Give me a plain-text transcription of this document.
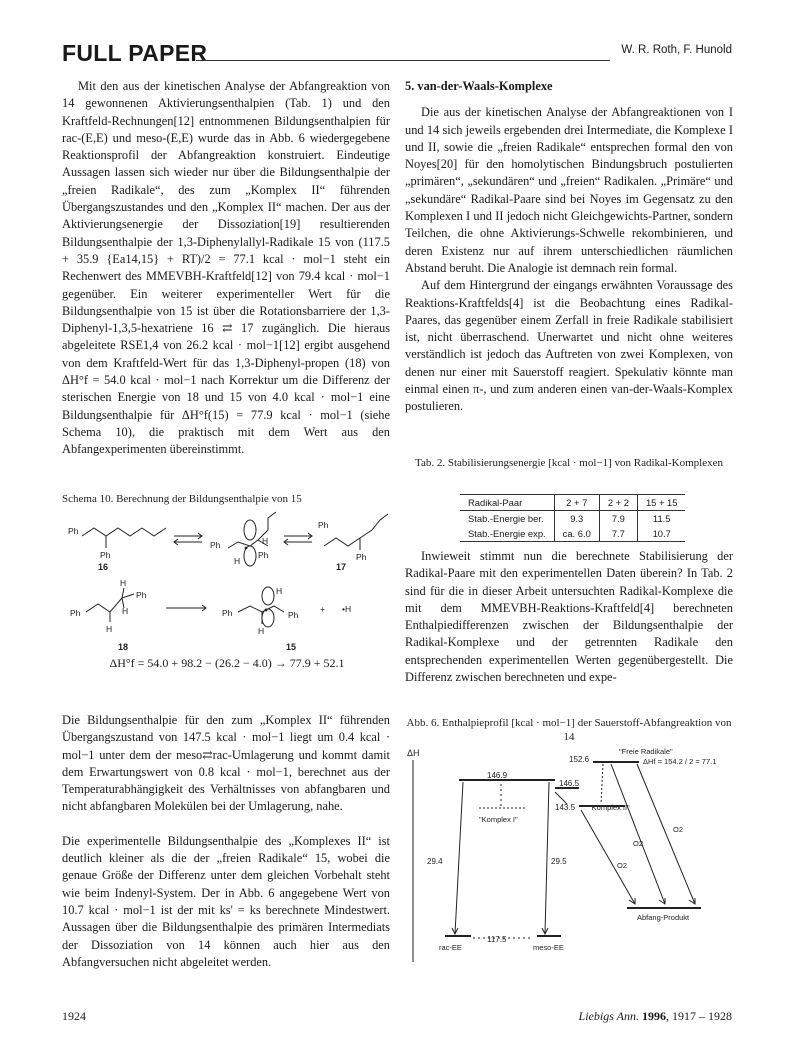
FULL PAPER	W. R. Roth, F. Hunold

Mit den aus der kinetischen Analyse der Abfangreaktion von 14 gewonnenen Aktivierungsenthalpien (Tab. 1) und den Kraftfeld-Rechnungen[12] entnommenen Bildungsenthalpien für rac-(E,E) und meso-(E,E) wurde das in Abb. 6 wiedergegebene Reaktionsprofil der Abfangreaktion konstruiert. Eindeutige Aussagen lassen sich wieder nur über die Bildungsenthalpie der „freien Radikale“, des zum „Komplex II“ führenden Übergangszustandes und den „Komplex II“ machen. Der aus der Aktivierungsenergie der Dissoziation[19] resultierenden Bildungsenthalpie der 1,3-Diphenylallyl-Radikale 15 von (117.5 + 35.9 {Ea14,15} + RT)/2 = 77.1 kcal · mol−1 steht ein Rechenwert des MMEVBH-Kraftfeld[12] von 79.4 kcal · mol−1 gegenüber. Ein weiterer experimenteller Wert für die Bildungsenthalpie von 15 ist über die Rotationsbarriere der 1,3-Diphenyl-1,3,5-hexatriene 16 ⇄ 17 zugänglich. Die hieraus abgeleitete RSE1,4 von 26.2 kcal · mol−1[12] ergibt ausgehend von dem Kraftfeld-Wert für das 1,3-Diphenyl-propen (18) von ΔH°f = 54.0 kcal · mol−1 nach Korrektur um die Differenz der sterischen Energie von 18 und 15 von 4.0 kcal · mol−1 eine Bildungsenthalpie für ΔH°f(15) = 77.9 kcal · mol−1 (siehe Schema 10), die praktisch mit dem Wert aus den Abfangexperimenten übereinstimmt.

Schema 10. Berechnung der Bildungsenthalpie von 15
Ph
Ph
16
Ph
H
Ph
H
Ph
Ph
17
Ph
H
Ph
H
H
18
Ph
H
Ph
H
15
+ •H
ΔH°f = 54.0 + 98.2 − (26.2 − 4.0) → 77.9 + 52.1

Die Bildungsenthalpie für den zum „Komplex II“ führenden Übergangszustand von 147.5 kcal · mol−1 liegt um 0.4 kcal · mol−1 unter dem der meso⇄rac-Umlagerung und kommt damit dem Erwartungswert von 0.8 kcal · mol−1, berechnet aus der Temperaturabhängigkeit des Verhältnisses von abfangbaren und nicht abfangbaren Molekülen bei der Umlagerung, nahe.

Die experimentelle Bildungsenthalpie des „Komplexes II“ ist deutlich kleiner als die der „freien Radikale“ 15, wobei die genaue Größe der Differenz unter dem gleichen Vorbehalt steht wie beim Indenyl-System. Der in Abb. 6 angegebene Wert von 10.7 kcal · mol−1 ist der mit ks' = ks berechnete Mindestwert. Aussagen über die Bildungsenthalpie des primären Intermediats der Dissoziation von 14 können auch hier aus den Abfangversuchen nicht abgeleitet werden.

5. van-der-Waals-Komplexe

Die aus der kinetischen Analyse der Abfangreaktionen von I und 14 sich jeweils ergebenden drei Intermediate, die Komplexe I und II, sowie die „freien Radikale“ entsprechen formal den von Noyes[20] für den homolytischen Bindungsbruch postulierten „primären“, „sekundären“ und „freien“ Radikalen. „Primäre“ und „sekundäre“ Radikal-Paare sind bei Noyes im Gegensatz zu den Komplexen I und II jedoch nicht Gleichgewichts-Partner, sondern Teilchen, die ohne Aktivierungs-Schwelle rekombinieren, und deren Existenz nur auf ihrem unterschiedlichen räumlichen Abstand beruht. Die Analogie ist demnach rein formal.

Auf dem Hintergrund der eingangs erwähnten Voraussage des Reaktions-Kraftfelds[4] ist die Beobachtung eines Radikal-Paares, das gegenüber einem Zerfall in freie Radikale stabilisiert ist, nicht überraschend. Unerwartet und nicht ohne weiteres verständlich ist jedoch das Auftreten von zwei Komplexen, von denen nur einer mit Sauerstoff reagiert. Spekulativ könnte man einmal einen π-, und zum anderen einen van-der-Waals-Komplex postulieren.

Tab. 2. Stabilisierungsenergie [kcal · mol−1] von Radikal-Komplexen
Radikal-Paar	2 + 7	2 + 2	15 + 15
Stab.-Energie ber.	9.3	7.9	11.5
Stab.-Energie exp.	ca. 6.0	7.7	10.7

Inwieweit stimmt nun die berechnete Stabilisierung der Radikal-Paare mit den experimentellen Daten überein? In Tab. 2 sind für die in dieser Arbeit untersuchten Radikal-Komplexe die mit dem MMEVBH-Reaktions-Kraftfeld[4] berechneten Enthalpiedifferenzen zwischen der Bildungsenthalpie der Radikal-Komplexe und der getrennten Radikale den entsprechenden experimentellen Werten gegenübergestellt. Die Differenz zwischen berechneten und expe-

Abb. 6. Enthalpieprofil [kcal · mol−1] der Sauerstoff-Abfangreaktion von 14
ΔH
146.9
146.5
143.5
152.6
117.5
"Freie Radikale"
ΔHf = 154.2 / 2 = 77.1
"Komplex I"
"Komplex II"
rac-EE	meso-EE
Abfang-Produkt
29.4	29.5	O2
O2
O2
1924	Liebigs Ann. 1996, 1917 – 1928
